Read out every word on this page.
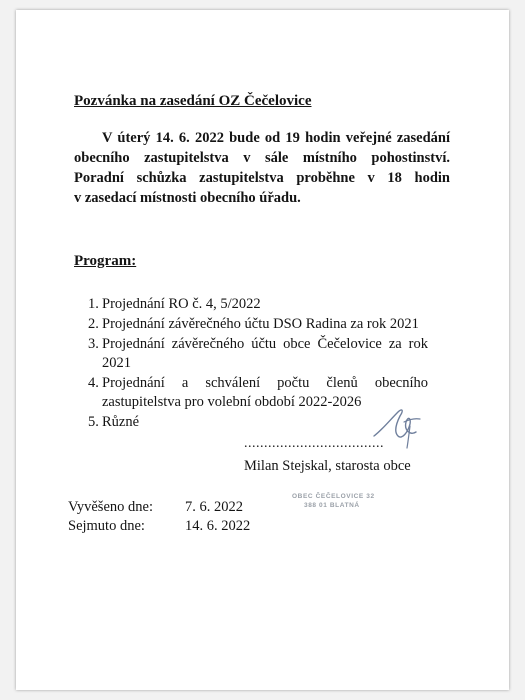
Pozvánka na zasedání OZ Čečelovice
V úterý 14. 6. 2022 bude od 19 hodin veřejné zasedání
obecního zastupitelstva v sále místního pohostinství.
Poradní schůzka zastupitelstva proběhne v 18 hodin
v zasedací místnosti obecního úřadu.
Program:
1. Projednání RO č. 4, 5/2022
2. Projednání závěrečného účtu DSO Radina za rok 2021
3. Projednání závěrečného účtu obce Čečelovice za rok
2021
4. Projednání a schválení počtu členů obecního
zastupitelstva pro volební období 2022-2026
5. Různé
...................................
Milan Stejskal, starosta obce
Vyvěšeno dne: 7. 6. 2022
Sejmuto dne:	14. 6. 2022
OBEC ČEČELOVICE 32
388 01 BLATNÁ
